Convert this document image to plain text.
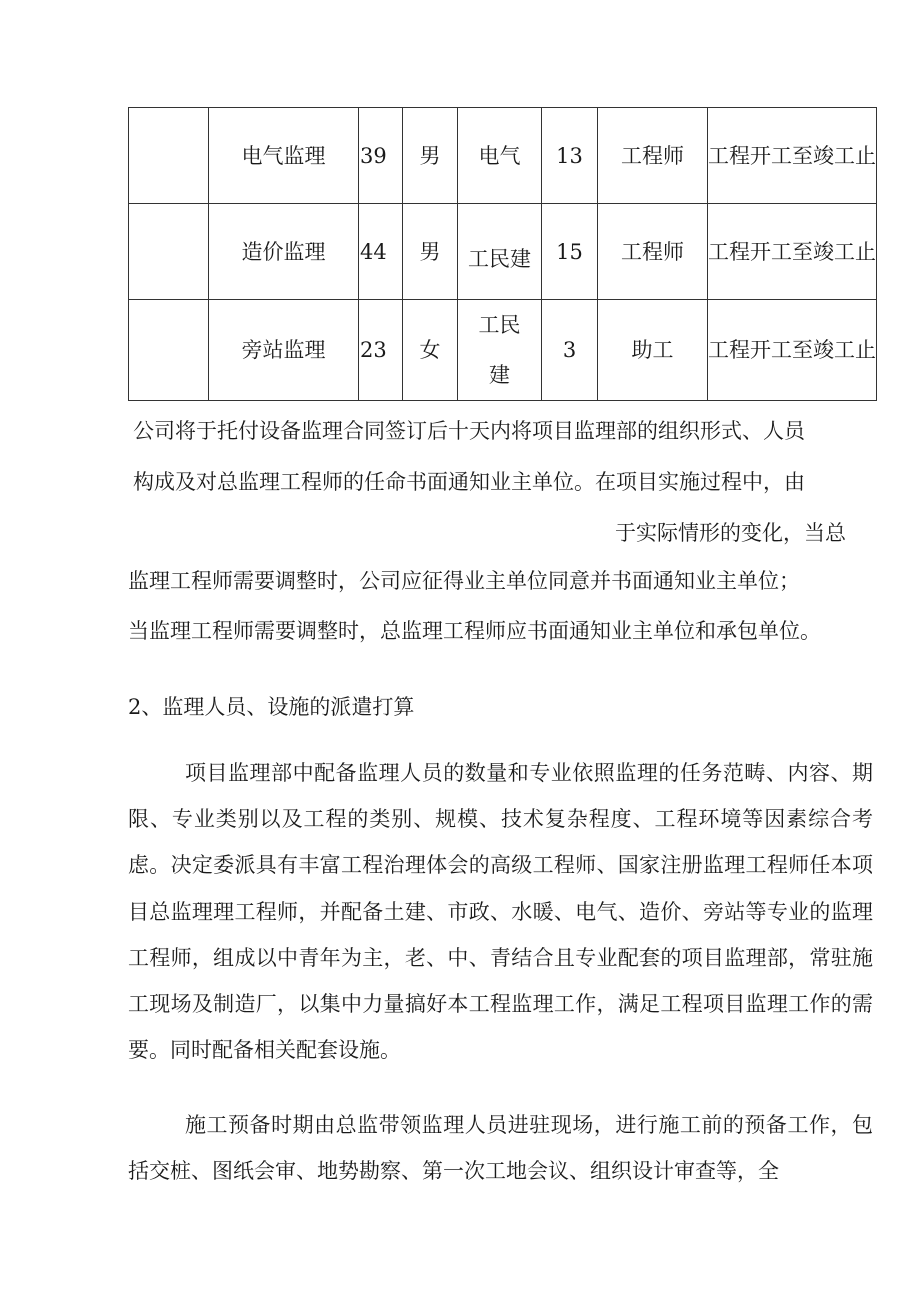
	电气监理	39	男	电气	13	工程师	工程开工至竣工止
	造价监理	44	男	工民建	15	工程师	工程开工至竣工止
	旁站监理	23	女	工民建	3	助工	工程开工至竣工止

公司将于托付设备监理合同签订后十天内将项目监理部的组织形式、人员

构成及对总监理工程师的任命书面通知业主单位。在项目实施过程中，由

于实际情形的变化，当总

监理工程师需要调整时，公司应征得业主单位同意并书面通知业主单位；

当监理工程师需要调整时，总监理工程师应书面通知业主单位和承包单位。

2、监理人员、设施的派遣打算

项目监理部中配备监理人员的数量和专业依照监理的任务范畴、内容、期限、专业类别以及工程的类别、规模、技术复杂程度、工程环境等因素综合考虑。决定委派具有丰富工程治理体会的高级工程师、国家注册监理工程师任本项目总监理理工程师，并配备土建、市政、水暖、电气、造价、旁站等专业的监理工程师，组成以中青年为主，老、中、青结合且专业配套的项目监理部，常驻施工现场及制造厂，以集中力量搞好本工程监理工作，满足工程项目监理工作的需要。同时配备相关配套设施。

施工预备时期由总监带领监理人员进驻现场，进行施工前的预备工作，包括交桩、图纸会审、地势勘察、第一次工地会议、组织设计审查等，全
